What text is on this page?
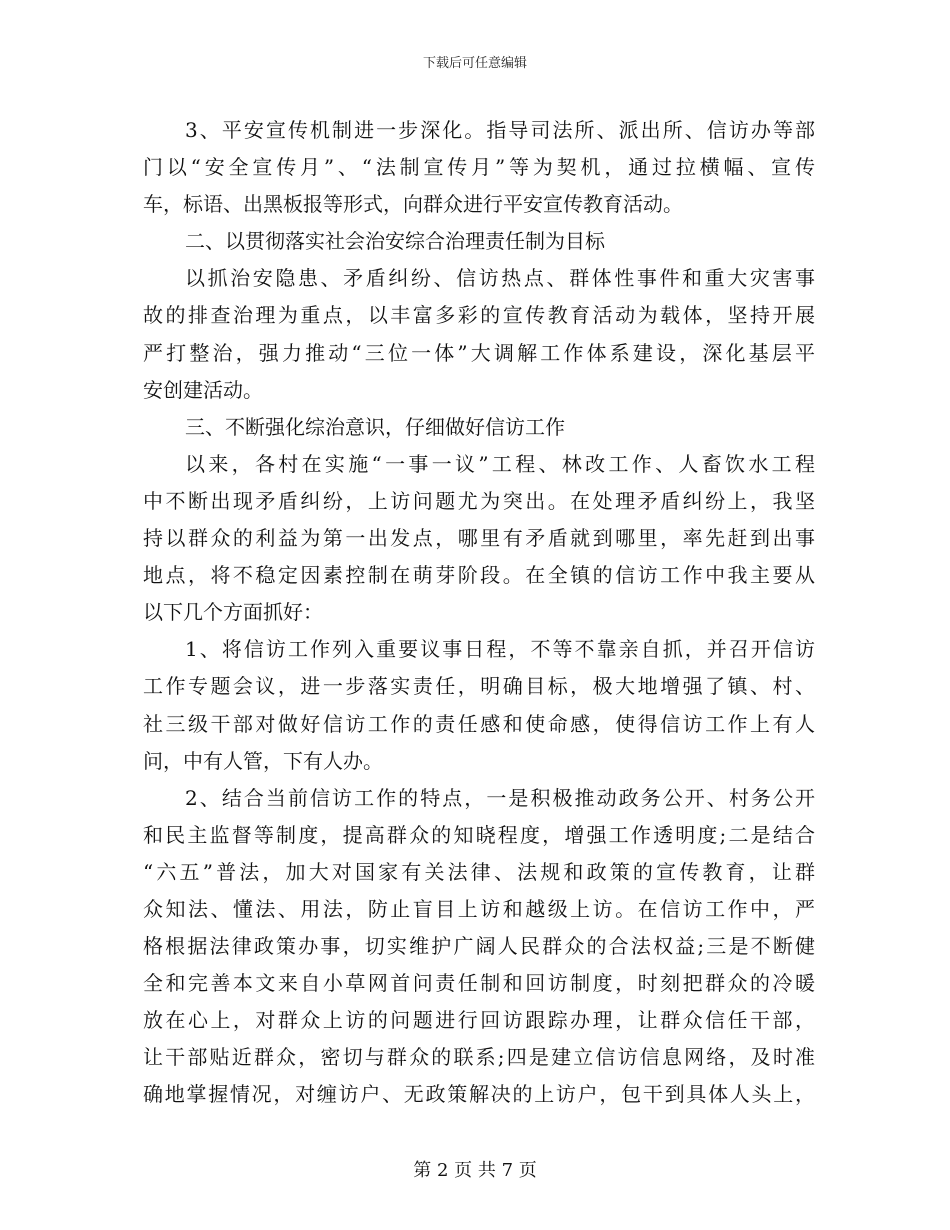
下载后可任意编辑
3、平安宣传机制进一步深化。指导司法所、派出所、信访办等部
门以“安全宣传月”、“法制宣传月”等为契机，通过拉横幅、宣传
车，标语、出黑板报等形式，向群众进行平安宣传教育活动。
二、以贯彻落实社会治安综合治理责任制为目标
以抓治安隐患、矛盾纠纷、信访热点、群体性事件和重大灾害事
故的排查治理为重点，以丰富多彩的宣传教育活动为载体，坚持开展
严打整治，强力推动“三位一体”大调解工作体系建设，深化基层平
安创建活动。
三、不断强化综治意识，仔细做好信访工作
以来，各村在实施“一事一议”工程、林改工作、人畜饮水工程
中不断出现矛盾纠纷，上访问题尤为突出。在处理矛盾纠纷上，我坚
持以群众的利益为第一出发点，哪里有矛盾就到哪里，率先赶到出事
地点，将不稳定因素控制在萌芽阶段。在全镇的信访工作中我主要从
以下几个方面抓好：
1、将信访工作列入重要议事日程，不等不靠亲自抓，并召开信访
工作专题会议，进一步落实责任，明确目标，极大地增强了镇、村、
社三级干部对做好信访工作的责任感和使命感，使得信访工作上有人
问，中有人管，下有人办。
2、结合当前信访工作的特点，一是积极推动政务公开、村务公开
和民主监督等制度，提高群众的知晓程度，增强工作透明度;二是结合
“六五”普法，加大对国家有关法律、法规和政策的宣传教育，让群
众知法、懂法、用法，防止盲目上访和越级上访。在信访工作中，严
格根据法律政策办事，切实维护广阔人民群众的合法权益;三是不断健
全和完善本文来自小草网首问责任制和回访制度，时刻把群众的冷暖
放在心上，对群众上访的问题进行回访跟踪办理，让群众信任干部，
让干部贴近群众，密切与群众的联系;四是建立信访信息网络，及时准
确地掌握情况，对缠访户、无政策解决的上访户，包干到具体人头上，
第 2 页 共 7 页
